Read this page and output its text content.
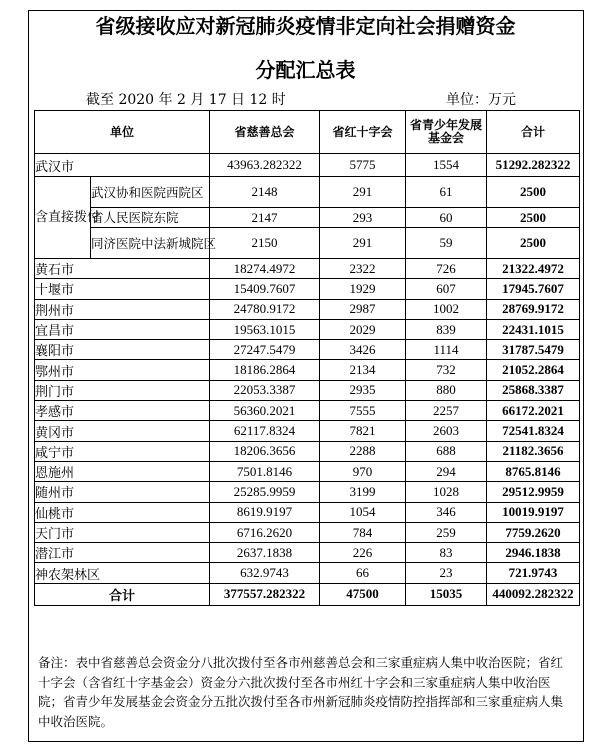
省级接收应对新冠肺炎疫情非定向社会捐赠资金
分配汇总表
截至 2020 年 2 月 17 日 12 时	单位：万元
单位		省慈善总会	省红十字会	省青少年发展基金会	合计
武汉市		43963.282322	5775	1554	51292.282322
含直接拨付	武汉协和医院西院区	2148	291	61	2500
	省人民医院东院	2147	293	60	2500
	同济医院中法新城院区	2150	291	59	2500
黄石市		18274.4972	2322	726	21322.4972
十堰市		15409.7607	1929	607	17945.7607
荆州市		24780.9172	2987	1002	28769.9172
宜昌市		19563.1015	2029	839	22431.1015
襄阳市		27247.5479	3426	1114	31787.5479
鄂州市		18186.2864	2134	732	21052.2864
荆门市		22053.3387	2935	880	25868.3387
孝感市		56360.2021	7555	2257	66172.2021
黄冈市		62117.8324	7821	2603	72541.8324
咸宁市		18206.3656	2288	688	21182.3656
恩施州		7501.8146	970	294	8765.8146
随州市		25285.9959	3199	1028	29512.9959
仙桃市		8619.9197	1054	346	10019.9197
天门市		6716.2620	784	259	7759.2620
潜江市		2637.1838	226	83	2946.1838
神农架林区		632.9743	66	23	721.9743
合计		377557.282322	47500	15035	440092.282322
备注：表中省慈善总会资金分八批次拨付至各市州慈善总会和三家重症病人集中收治医院；省红十字会（含省红十字基金会）资金分六批次拨付至各市州红十字会和三家重症病人集中收治医院；省青少年发展基金会资金分五批次拨付至各市州新冠肺炎疫情防控指挥部和三家重症病人集中收治医院。
